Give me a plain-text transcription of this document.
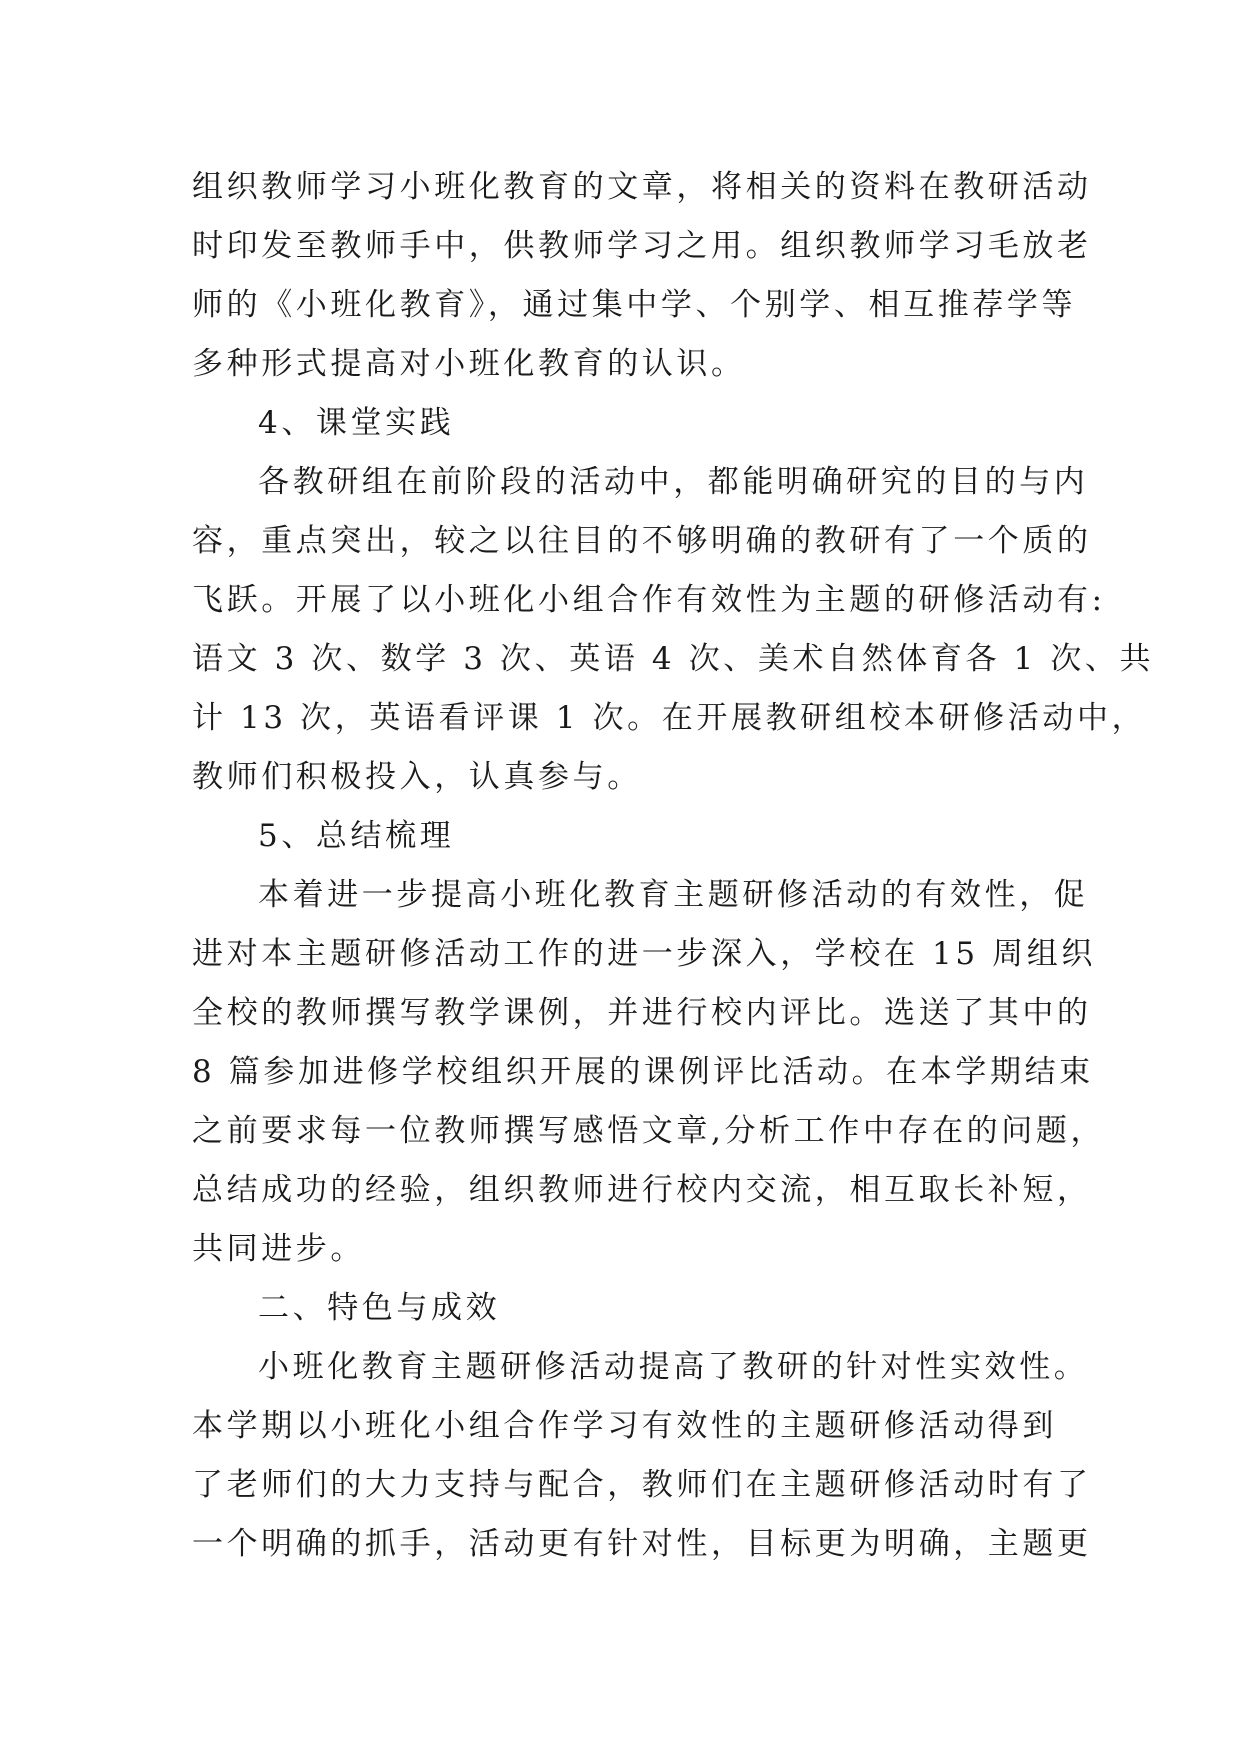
组织教师学习小班化教育的文章，将相关的资料在教研活动
时印发至教师手中，供教师学习之用。组织教师学习毛放老
师的《小班化教育》，通过集中学、个别学、相互推荐学等
多种形式提高对小班化教育的认识。
4、课堂实践
各教研组在前阶段的活动中，都能明确研究的目的与内
容，重点突出，较之以往目的不够明确的教研有了一个质的
飞跃。开展了以小班化小组合作有效性为主题的研修活动有:
语文 3 次、数学 3 次、英语 4 次、美术自然体育各 1 次、共
计 13 次，英语看评课 1 次。在开展教研组校本研修活动中，
教师们积极投入，认真参与。
5、总结梳理
本着进一步提高小班化教育主题研修活动的有效性，促
进对本主题研修活动工作的进一步深入，学校在 15 周组织
全校的教师撰写教学课例，并进行校内评比。选送了其中的
8 篇参加进修学校组织开展的课例评比活动。在本学期结束
之前要求每一位教师撰写感悟文章,分析工作中存在的问题，
总结成功的经验，组织教师进行校内交流，相互取长补短，
共同进步。
二、特色与成效
小班化教育主题研修活动提高了教研的针对性实效性。
本学期以小班化小组合作学习有效性的主题研修活动得到
了老师们的大力支持与配合，教师们在主题研修活动时有了
一个明确的抓手，活动更有针对性，目标更为明确，主题更
